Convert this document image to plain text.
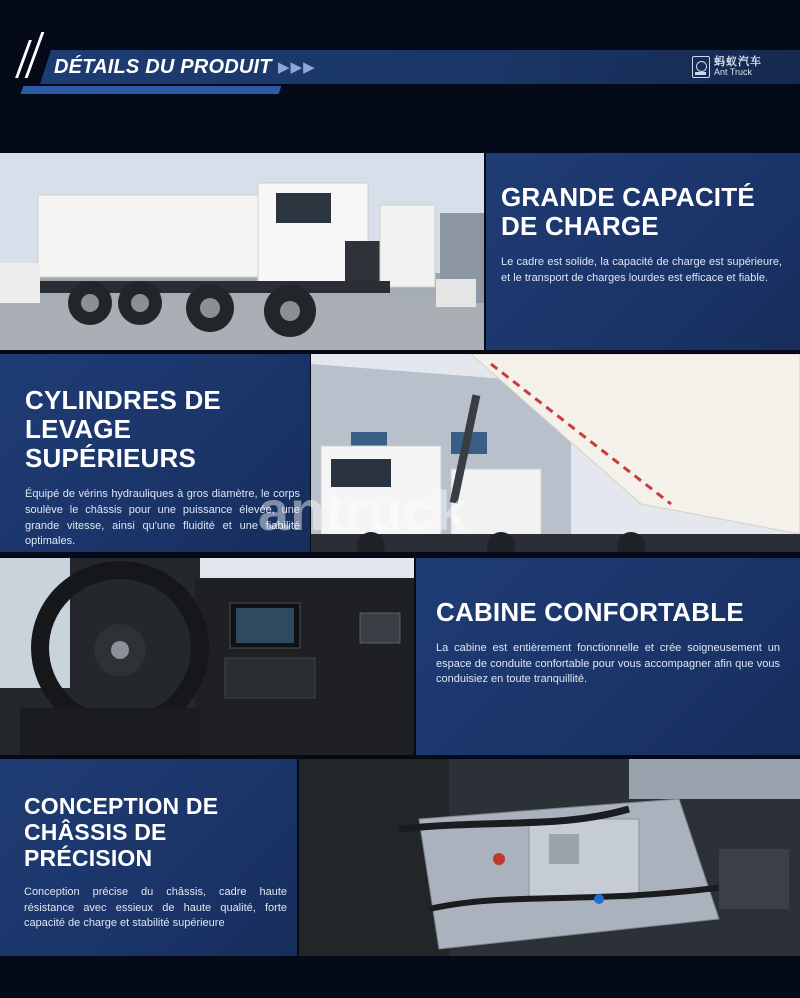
DÉTAILS DU PRODUIT ▶▶▶	蚂蚁汽车
Ant Truck
GRANDE CAPACITÉ
DE CHARGE

Le cadre est solide, la capacité de charge est supérieure, et le transport de charges lourdes est efficace et fiable.

CYLINDRES DE
LEVAGE SUPÉRIEURS

Équipé de vérins hydrauliques à gros diamètre, le corps soulève le châssis pour une puissance élevée, une grande vitesse, ainsi qu'une fluidité et une fiabilité optimales.

CABINE CONFORTABLE

La cabine est entièrement fonctionnelle et crée soigneusement un espace de conduite confortable pour vous accompagner afin que vous conduisiez en toute tranquillité.

CONCEPTION DE
CHÂSSIS DE PRÉCISION

Conception précise du châssis, cadre haute résistance avec essieux de haute qualité, forte capacité de charge et stabilité supérieure

antruck
